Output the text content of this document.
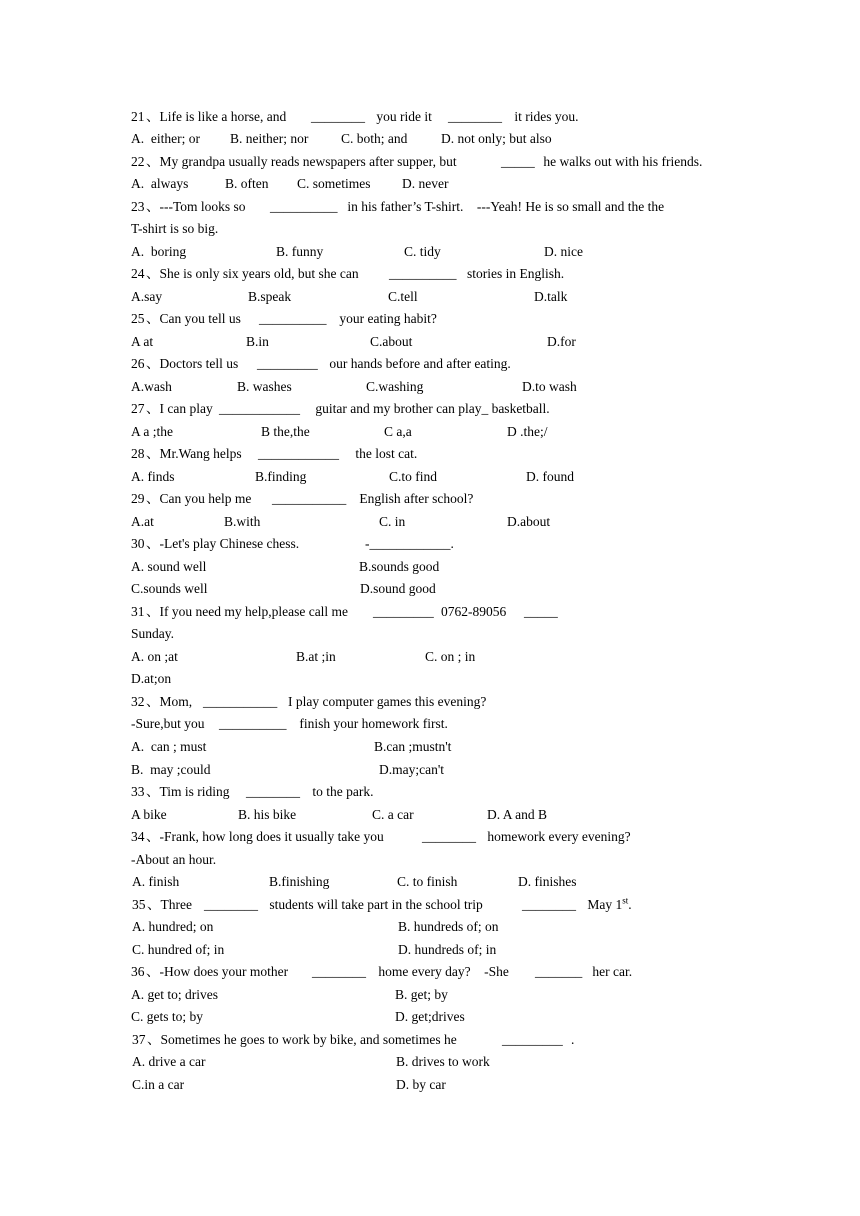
21

、Life is like a horse, and

________

you ride it

________

it rides you.

A.  either; or

B. neither; nor

C. both; and

D. not only; but also

22

、My grandpa usually reads newspapers after supper, but

	_____

he walks out with his friends.

A.  always

	B. often

C. sometimes

D. never

23

、---Tom looks so

__________

in his father’s T-shirt.    ---Yeah! He is so small and the the

T-shirt is so big.

A.  boring

	B. funny

	C. tidy

	D. nice

24

、She is only six years old, but she can

__________

stories in English.

A.say

	B.speak

	C.tell

	D.talk

25

、Can you tell us

__________

your eating habit?

A at

	B.in

	C.about

	D.for

26

、Doctors tell us

_________

our hands before and after eating.

A.wash

	B. washes

	C.washing

	D.to wash

27

、I can play

____________

guitar and my brother can play_ basketball.

A a ;the

	B the,the

	C a,a

	D .the;/

28

、Mr.Wang helps

____________

the lost cat.

A. finds

	B.finding

	C.to find

	D. found

29

、Can you help me

___________

English after school?

A.at

	B.with

	C. in

	D.about

30

、-Let's play Chinese chess.

	-____________.

A. sound well

	B.sounds good

C.sounds well

	D.sound good

31

、If you need my help,please call me

_________

0762-89056

_____

Sunday.

A. on ;at

	B.at ;in

	C. on ; in

D.at;on

32

、Mom,

___________

I play computer games this evening?

-Sure,but you

__________

finish your homework first.

A.  can ; must

	B.can ;mustn't

B.  may ;could

	D.may;can't

33

、Tim is riding

________

to the park.

A bike

	B. his bike

	C. a car

	D. A and B

34

、-Frank, how long does it usually take you

	________

homework every evening?

-About an hour.

A. finish

	B.finishing

	C. to finish

	D. finishes

35

、Three

________

students will take part in the school trip

	________

May 1st.

A. hundred; on

	B. hundreds of; on

C. hundred of; in

	D. hundreds of; in

36

、-How does your mother

________

home every day?    -She

_______

her car.

A. get to; drives

	B. get; by

C. gets to; by

	D. get;drives

37

、Sometimes he goes to work by bike, and sometimes he

	_________

.

A. drive a car

	B. drives to work

C.in a car

	D. by car
